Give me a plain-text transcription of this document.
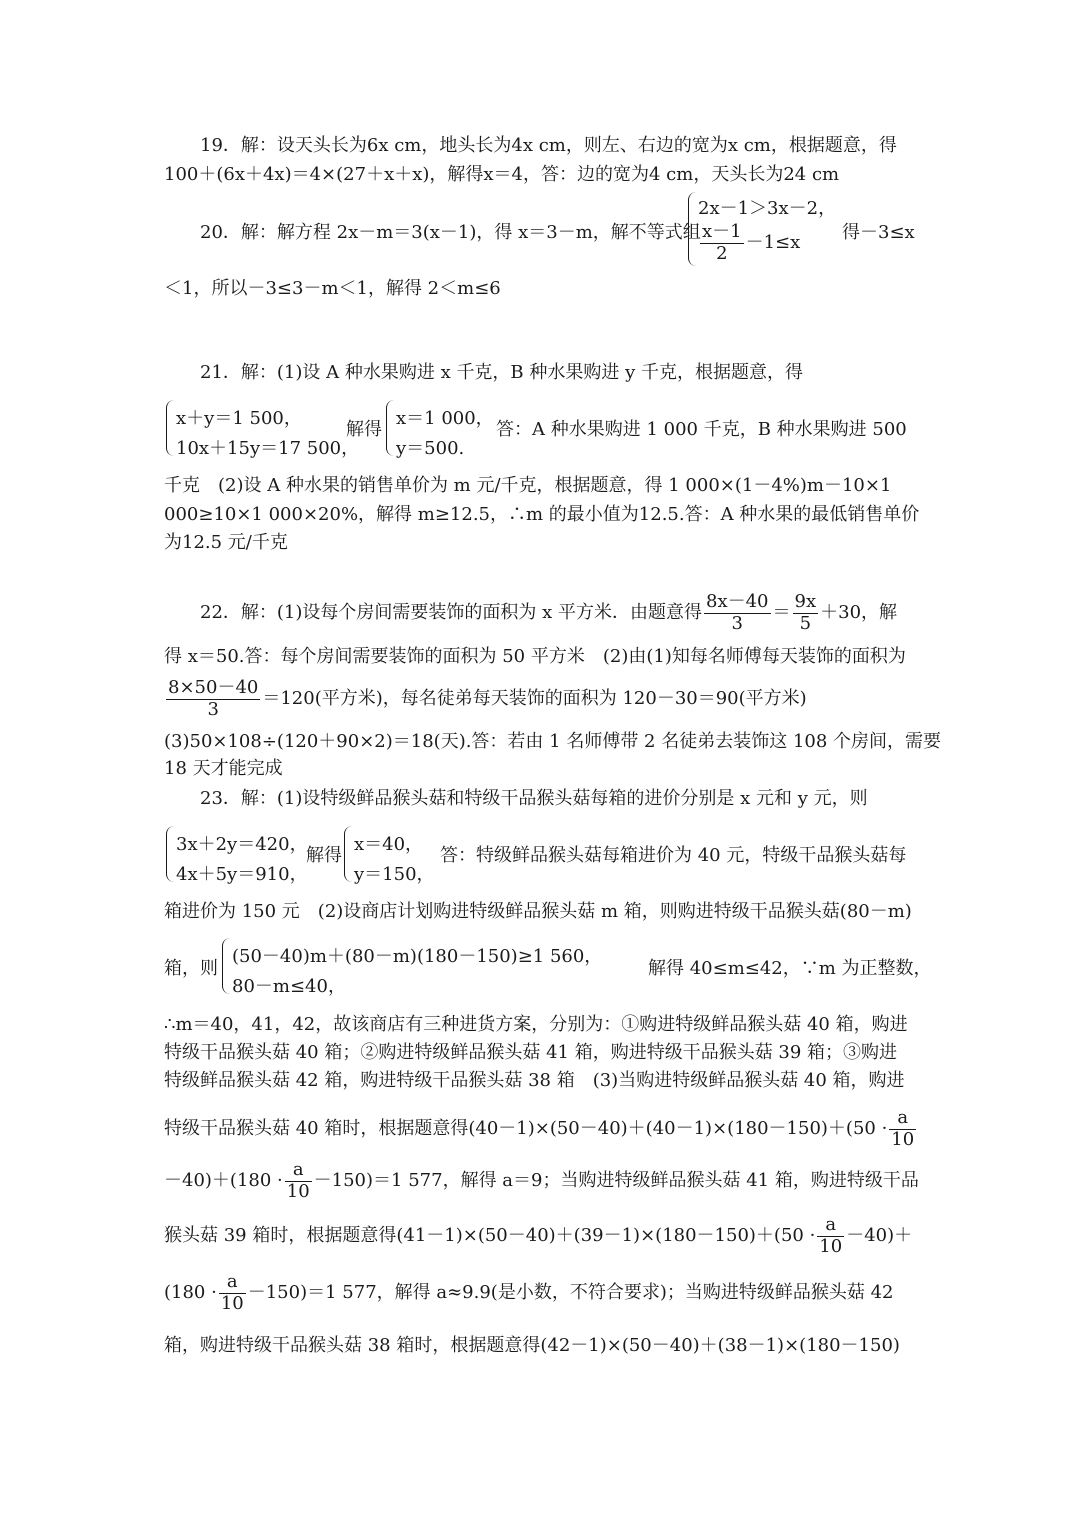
19．解：设天头长为6x cm，地头长为4x cm，则左、右边的宽为x cm，根据题意，得
100＋(6x＋4x)＝4×(27＋x＋x)，解得x＝4，答：边的宽为4 cm，天头长为24 cm
20．解：解方程 2x－m＝3(x－1)，得 x＝3－m，解不等式组
2x－1＞3x－2，
$\frac{x-1}{2} -1\le x$ 得－3≤x
＜1，所以－3≤3－m＜1，解得 2＜m≤6
21．解：(1)设 A 种水果购进 x 千克，B 种水果购进 y 千克，根据题意，得
x＋y＝1 500，
10x＋15y＝17 500，
解得
x＝1 000，
y＝500.
答：A 种水果购进 1 000 千克，B 种水果购进 500
千克　(2)设 A 种水果的销售单价为 m 元/千克，根据题意，得 1 000×(1－4%)m－10×1
000≥10×1 000×20%，解得 m≥12.5，∴m 的最小值为12.5.答：A 种水果的最低销售单价
为12.5 元/千克
22．解：(1)设每个房间需要装饰的面积为 x 平方米．由题意得 $\frac{8x-40}{3} = \frac{9x}{5} +30$，解
得 x＝50.答：每个房间需要装饰的面积为 50 平方米　(2)由(1)知每名师傅每天装饰的面积为
$\frac{8\times 50-40}{3} =120$(平方米)，每名徒弟每天装饰的面积为 120－30＝90(平方米)
(3)50×108÷(120＋90×2)＝18(天).答：若由 1 名师傅带 2 名徒弟去装饰这 108 个房间，需要
18 天才能完成
23．解：(1)设特级鲜品猴头菇和特级干品猴头菇每箱的进价分别是 x 元和 y 元，则
3x＋2y＝420，
4x＋5y＝910，
解得
x＝40，
y＝150，
答：特级鲜品猴头菇每箱进价为 40 元，特级干品猴头菇每
箱进价为 150 元　(2)设商店计划购进特级鲜品猴头菇 m 箱，则购进特级干品猴头菇(80－m)
箱，则
(50－40)m＋(80－m)(180－150)≥1 560，
80－m≤40，
解得 40≤m≤42，∵m 为正整数，
∴m＝40，41，42，故该商店有三种进货方案，分别为：①购进特级鲜品猴头菇 40 箱，购进
特级干品猴头菇 40 箱；②购进特级鲜品猴头菇 41 箱，购进特级干品猴头菇 39 箱；③购进
特级鲜品猴头菇 42 箱，购进特级干品猴头菇 38 箱　(3)当购进特级鲜品猴头菇 40 箱，购进
特级干品猴头菇 40 箱时，根据题意得$(40-1)\times(50-40)+(40-1)\times(180-150)+(50 \cdot \frac{a}{10}$
$-40)+(180 \cdot \frac{a}{10} -150)=1$ 577，解得 a＝9；当购进特级鲜品猴头菇 41 箱，购进特级干品
猴头菇 39 箱时，根据题意得$(41-1)\times(50-40)+(39-1)\times(180-150)+(50 \cdot \frac{a}{10} -40)+$
$(180 \cdot \frac{a}{10} -150)=1$ 577，解得 a≈9.9(是小数，不符合要求)；当购进特级鲜品猴头菇 42
箱，购进特级干品猴头菇 38 箱时，根据题意得(42－1)×(50－40)＋(38－1)×(180－150)
